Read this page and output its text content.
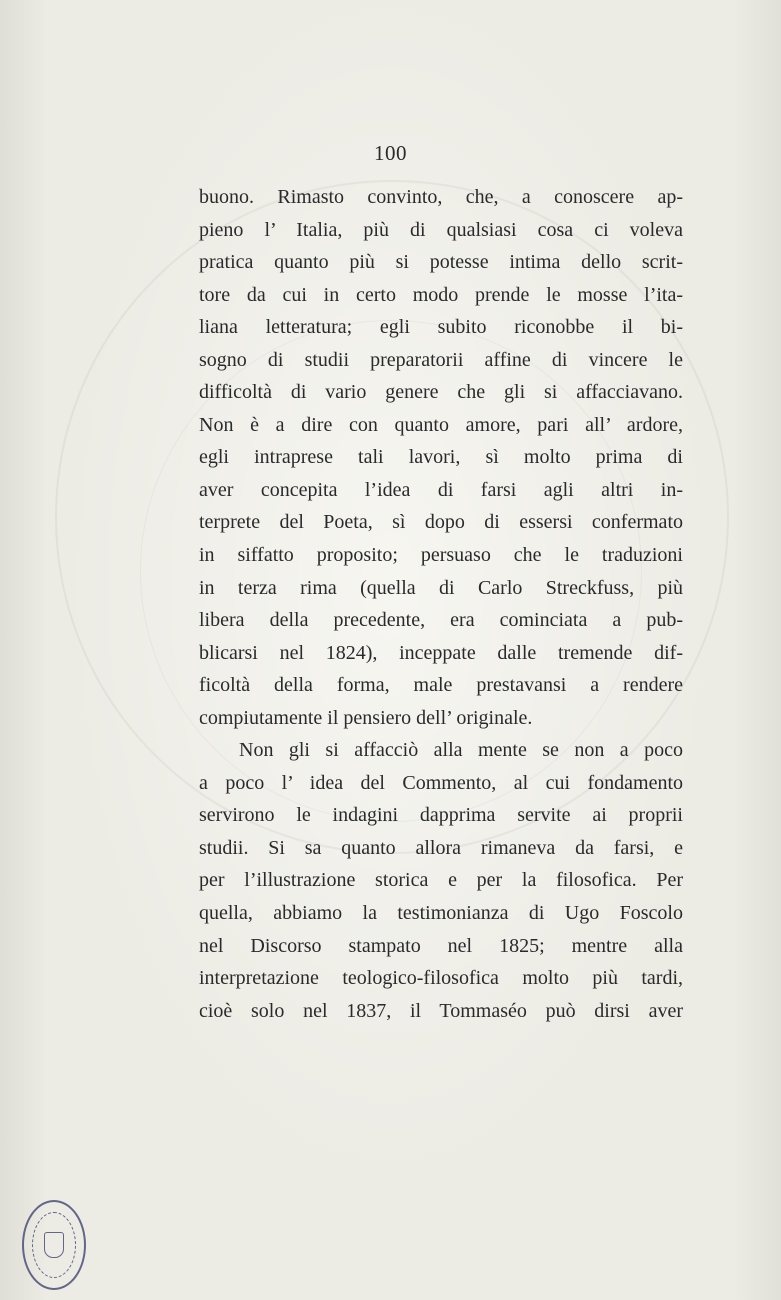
100
buono. Rimasto convinto, che, a conoscere ap-
pieno l’ Italia, più di qualsiasi cosa ci voleva
pratica quanto più si potesse intima dello scrit-
tore da cui in certo modo prende le mosse l’ita-
liana letteratura; egli subito riconobbe il bi-
sogno di studii preparatorii affine di vincere le
difficoltà di vario genere che gli si affacciavano.
Non è a dire con quanto amore, pari all’ ardore,
egli intraprese tali lavori, sì molto prima di
aver concepita l’idea di farsi agli altri in-
terprete del Poeta, sì dopo di essersi confermato
in siffatto proposito; persuaso che le traduzioni
in terza rima (quella di Carlo Streckfuss, più
libera della precedente, era cominciata a pub-
blicarsi nel 1824), inceppate dalle tremende dif-
ficoltà della forma, male prestavansi a rendere
compiutamente il pensiero dell’ originale.
Non gli si affacciò alla mente se non a poco
a poco l’ idea del Commento, al cui fondamento
servirono le indagini dapprima servite ai proprii
studii. Si sa quanto allora rimaneva da farsi, e
per l’illustrazione storica e per la filosofica. Per
quella, abbiamo la testimonianza di Ugo Foscolo
nel Discorso stampato nel 1825; mentre alla
interpretazione teologico-filosofica molto più tardi,
cioè solo nel 1837, il Tommaséo può dirsi aver
